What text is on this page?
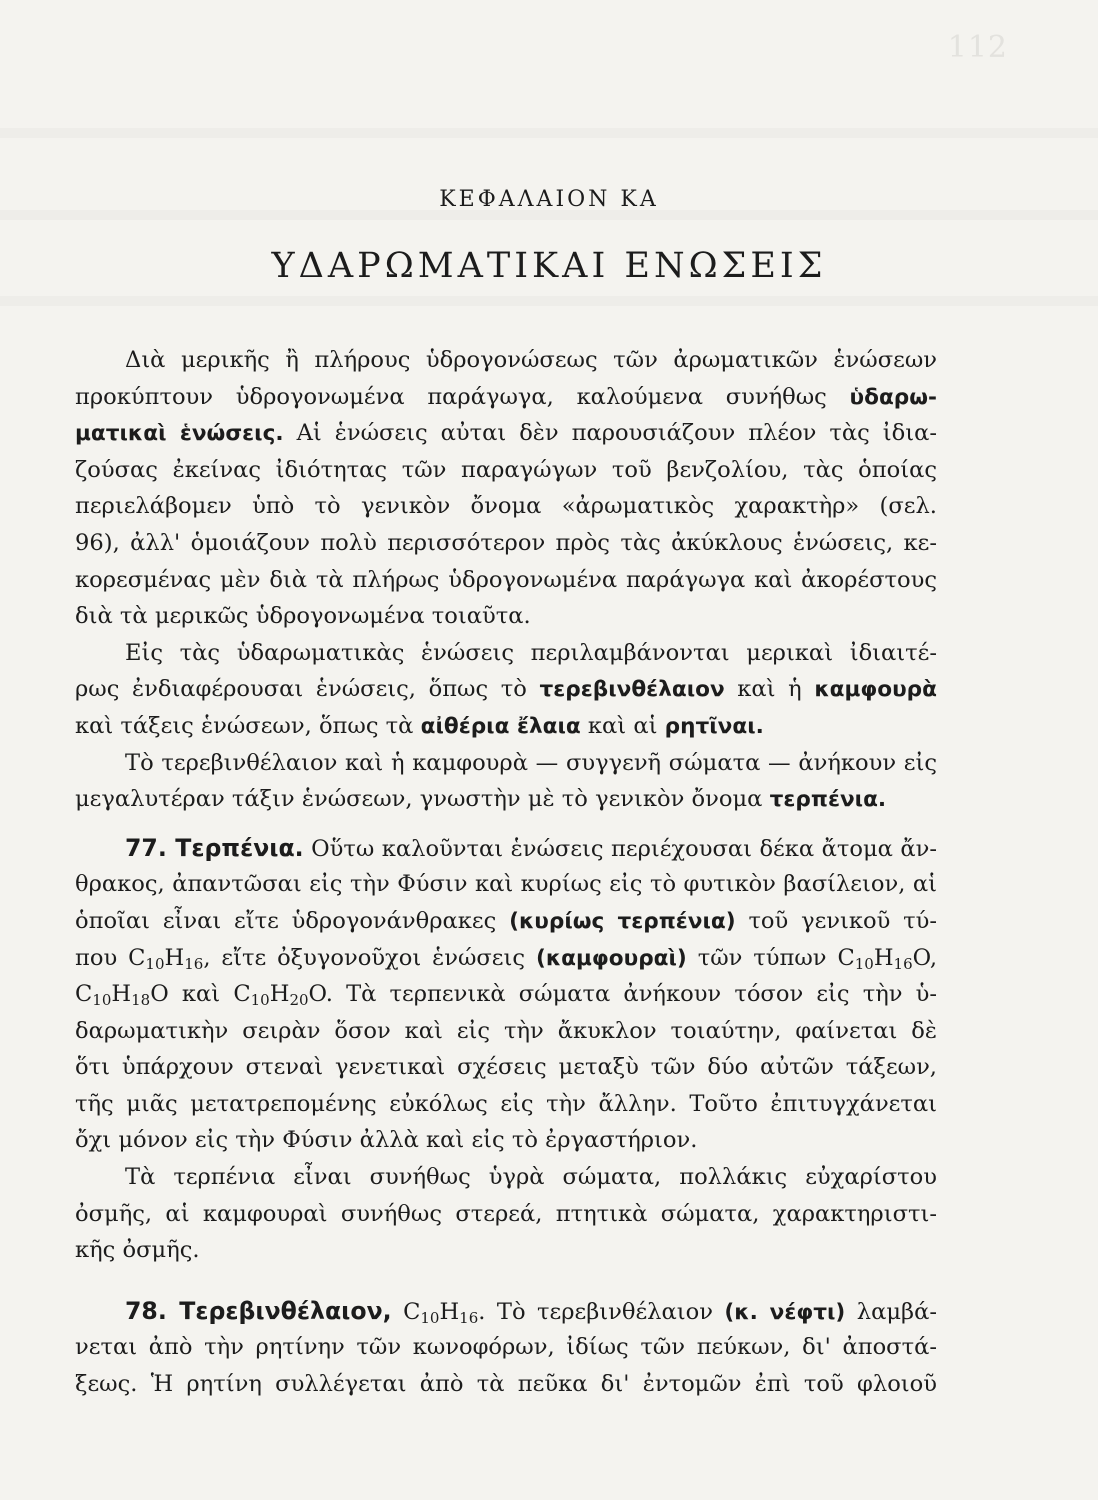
112
ΚΕΦΑΛΑΙΟΝ ΚΑ
ΥΔΑΡΩΜΑΤΙΚΑΙ ΕΝΩΣΕΙΣ
Διὰ μερικῆς ἢ πλήρους ὑδρογονώσεως τῶν ἀρωματικῶν ἑνώσεων
προκύπτουν ὑδρογονωμένα παράγωγα, καλούμενα συνήθως ὑδαρω-
ματικαὶ ἑνώσεις. Αἱ ἑνώσεις αὐται δὲν παρουσιάζουν πλέον τὰς ἰδια-
ζούσας ἐκείνας ἰδιότητας τῶν παραγώγων τοῦ βενζολίου, τὰς ὁποίας
περιελάβομεν ὑπὸ τὸ γενικὸν ὄνομα «ἀρωματικὸς χαρακτὴρ» (σελ.
96), ἀλλ' ὁμοιάζουν πολὺ περισσότερον πρὸς τὰς ἀκύκλους ἑνώσεις, κε-
κορεσμένας μὲν διὰ τὰ πλήρως ὑδρογονωμένα παράγωγα καὶ ἀκορέστους
διὰ τὰ μερικῶς ὑδρογονωμένα τοιαῦτα.
Εἰς τὰς ὑδαρωματικὰς ἑνώσεις περιλαμβάνονται μερικαὶ ἰδιαιτέ-
ρως ἐνδιαφέρουσαι ἑνώσεις, ὅπως τὸ τερεβινθέλαιον καὶ ἡ καμφουρὰ
καὶ τάξεις ἑνώσεων, ὅπως τὰ αἰθέρια ἔλαια καὶ αἱ ρητῖναι.
Τὸ τερεβινθέλαιον καὶ ἡ καμφουρὰ — συγγενῆ σώματα — ἀνήκουν εἰς
μεγαλυτέραν τάξιν ἑνώσεων, γνωστὴν μὲ τὸ γενικὸν ὄνομα τερπένια.
77. Τερπένια. Οὕτω καλοῦνται ἑνώσεις περιέχουσαι δέκα ἄτομα ἄν-
θρακος, ἀπαντῶσαι εἰς τὴν Φύσιν καὶ κυρίως εἰς τὸ φυτικὸν βασίλειον, αἱ
ὁποῖαι εἶναι εἴτε ὑδρογονάνθρακες (κυρίως τερπένια) τοῦ γενικοῦ τύ-
που $C_{10}H_{16}$, εἴτε ὀξυγονοῦχοι ἑνώσεις (καμφουραὶ) τῶν τύπων $C_{10}H_{16}O$,
$C_{10}H_{18}O$ καὶ $C_{10}H_{20}O$. Τὰ τερπενικὰ σώματα ἀνήκουν τόσον εἰς τὴν ὑ-
δαρωματικὴν σειρὰν ὅσον καὶ εἰς τὴν ἄκυκλον τοιαύτην, φαίνεται δὲ
ὅτι ὑπάρχουν στεναὶ γενετικαὶ σχέσεις μεταξὺ τῶν δύο αὐτῶν τάξεων,
τῆς μιᾶς μετατρεπομένης εὐκόλως εἰς τὴν ἄλλην. Τοῦτο ἐπιτυγχάνεται
ὄχι μόνον εἰς τὴν Φύσιν ἀλλὰ καὶ εἰς τὸ ἐργαστήριον.
Τὰ τερπένια εἶναι συνήθως ὑγρὰ σώματα, πολλάκις εὐχαρίστου
ὀσμῆς, αἱ καμφουραὶ συνήθως στερεά, πτητικὰ σώματα, χαρακτηριστι-
κῆς ὀσμῆς.
78. Τερεβινθέλαιον, $C_{10}H_{16}$. Τὸ τερεβινθέλαιον (κ. νέφτι) λαμβά-
νεται ἀπὸ τὴν ρητίνην τῶν κωνοφόρων, ἰδίως τῶν πεύκων, δι' ἀποστά-
ξεως. Ἡ ρητίνη συλλέγεται ἀπὸ τὰ πεῦκα δι' ἐντομῶν ἐπὶ τοῦ φλοιοῦ
